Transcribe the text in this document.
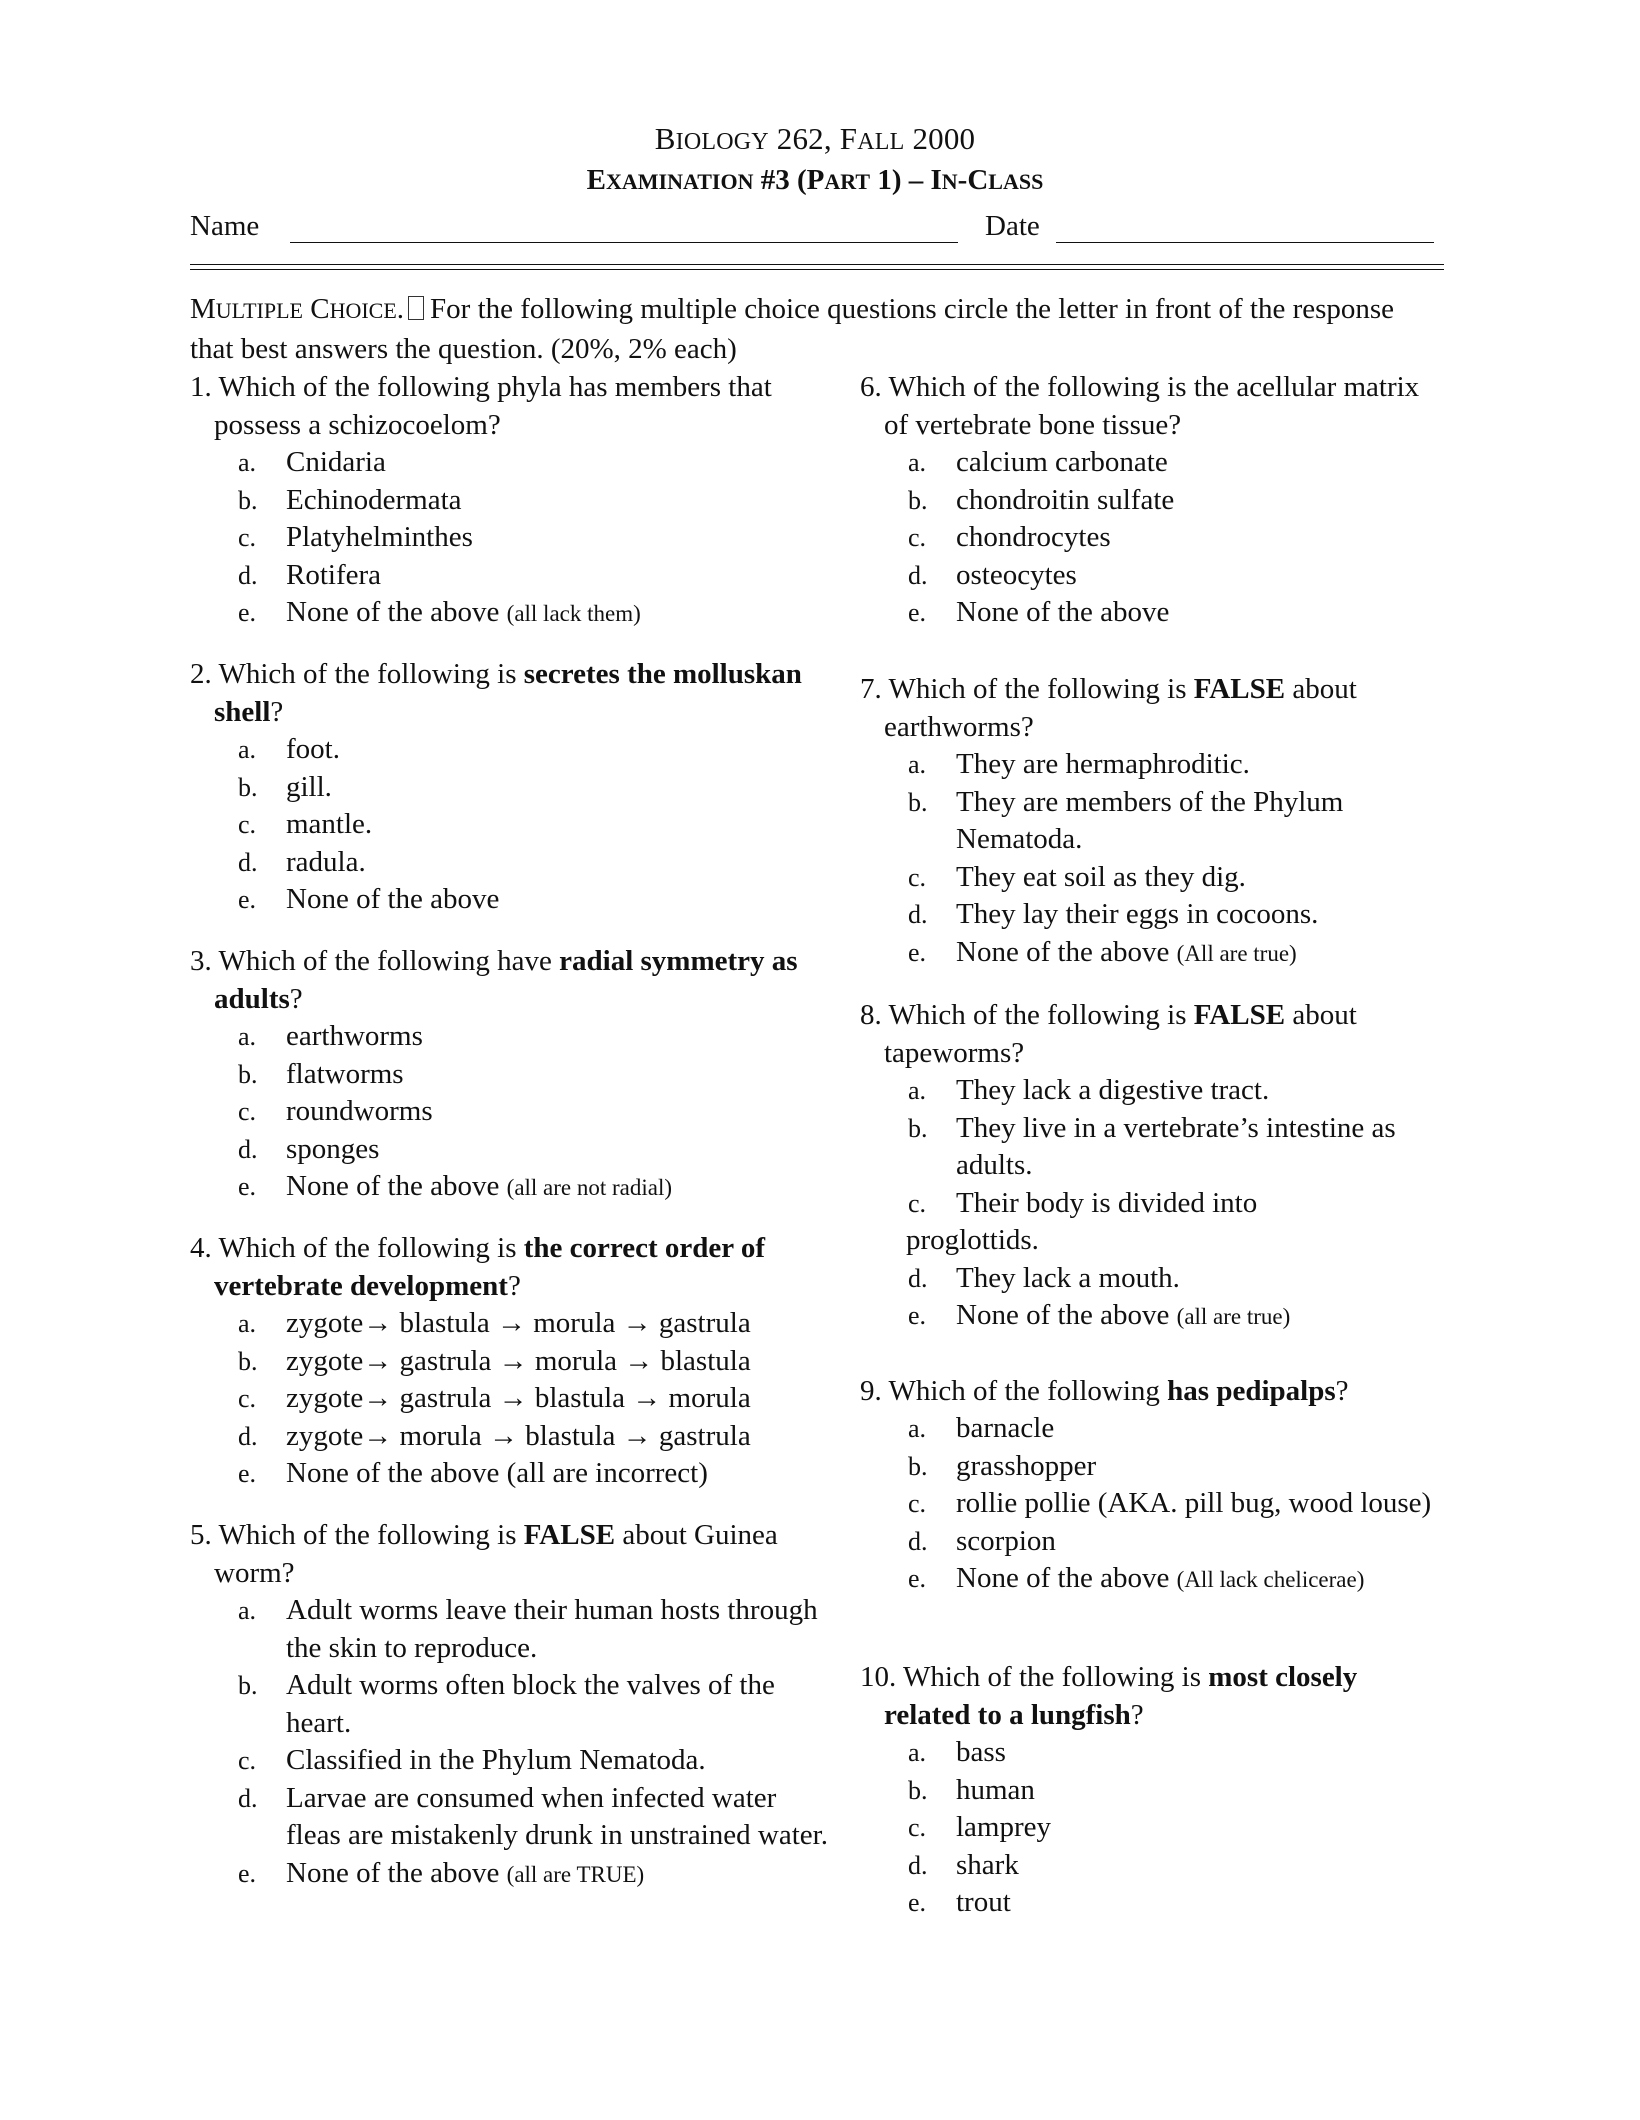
BIOLOGY 262, FALL 2000
EXAMINATION #3 (PART 1) – IN-CLASS
Name	Date
MULTIPLE CHOICE. For the following multiple choice questions circle the letter in front of the response that best answers the question. (20%, 2% each)
1. Which of the following phyla has members that possess a schizocoelom?
a. Cnidaria
b. Echinodermata
c. Platyhelminthes
d. Rotifera
e. None of the above (all lack them)
2. Which of the following is secretes the molluskan shell?
a. foot.
b. gill.
c. mantle.
d. radula.
e. None of the above
3. Which of the following have radial symmetry as adults?
a. earthworms
b. flatworms
c. roundworms
d. sponges
e. None of the above (all are not radial)
4. Which of the following is the correct order of vertebrate development?
a. zygote→ blastula → morula → gastrula
b. zygote→ gastrula → morula → blastula
c. zygote→ gastrula → blastula → morula
d. zygote→ morula → blastula → gastrula
e. None of the above (all are incorrect)
5. Which of the following is FALSE about Guinea worm?
a. Adult worms leave their human hosts through the skin to reproduce.
b. Adult worms often block the valves of the heart.
c. Classified in the Phylum Nematoda.
d. Larvae are consumed when infected water fleas are mistakenly drunk in unstrained water.
e. None of the above (all are TRUE)
6. Which of the following is the acellular matrix of vertebrate bone tissue?
a. calcium carbonate
b. chondroitin sulfate
c. chondrocytes
d. osteocytes
e. None of the above
7. Which of the following is FALSE about earthworms?
a. They are hermaphroditic.
b. They are members of the Phylum Nematoda.
c. They eat soil as they dig.
d. They lay their eggs in cocoons.
e. None of the above (All are true)
8. Which of the following is FALSE about tapeworms?
a. They lack a digestive tract.
b. They live in a vertebrate’s intestine as adults.
c. Their body is divided into
proglottids.
d. They lack a mouth.
e. None of the above (all are true)
9. Which of the following has pedipalps?
a. barnacle
b. grasshopper
c. rollie pollie (AKA. pill bug, wood louse)
d. scorpion
e. None of the above (All lack chelicerae)
10. Which of the following is most closely related to a lungfish?
a. bass
b. human
c. lamprey
d. shark
e. trout
